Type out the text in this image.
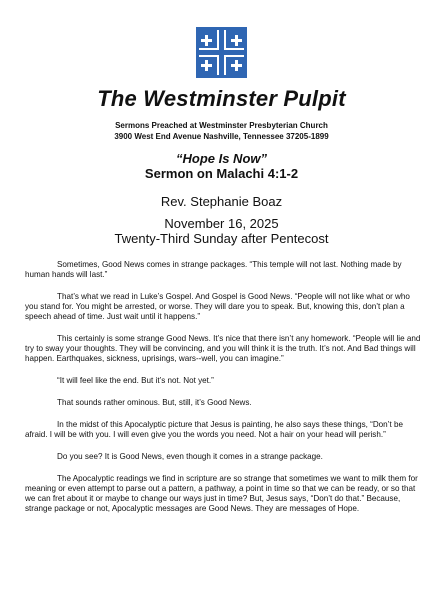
The Westminster Pulpit
Sermons Preached at Westminster Presbyterian Church
3900 West End Avenue Nashville, Tennessee 37205-1899
“Hope Is Now”
Sermon on Malachi 4:1-2
Rev. Stephanie Boaz
November 16, 2025
Twenty-Third Sunday after Pentecost

Sometimes, Good News comes in strange packages. “This temple will not last. Nothing made by human hands will last.”

That’s what we read in Luke’s Gospel. And Gospel is Good News. “People will not like what or who you stand for. You might be arrested, or worse. They will dare you to speak. But, knowing this, don’t plan a speech ahead of time. Just wait until it happens.”

This certainly is some strange Good News. It’s nice that there isn’t any homework. “People will lie and try to sway your thoughts. They will be convincing, and you will think it is the truth. It’s not. And Bad things will happen. Earthquakes, sickness, uprisings, wars--well, you can imagine.”

“It will feel like the end. But it’s not. Not yet.”

That sounds rather ominous. But, still, it’s Good News.

In the midst of this Apocalyptic picture that Jesus is painting, he also says these things, “Don’t be afraid. I will be with you. I will even give you the words you need. Not a hair on your head will perish.”

Do you see? It is Good News, even though it comes in a strange package.

The Apocalyptic readings we find in scripture are so strange that sometimes we want to milk them for meaning or even attempt to parse out a pattern, a pathway, a point in time so that we can be ready, or so that we can fret about it or maybe to change our ways just in time? But, Jesus says, “Don’t do that.” Because, strange package or not, Apocalyptic messages are Good News. They are messages of Hope.
